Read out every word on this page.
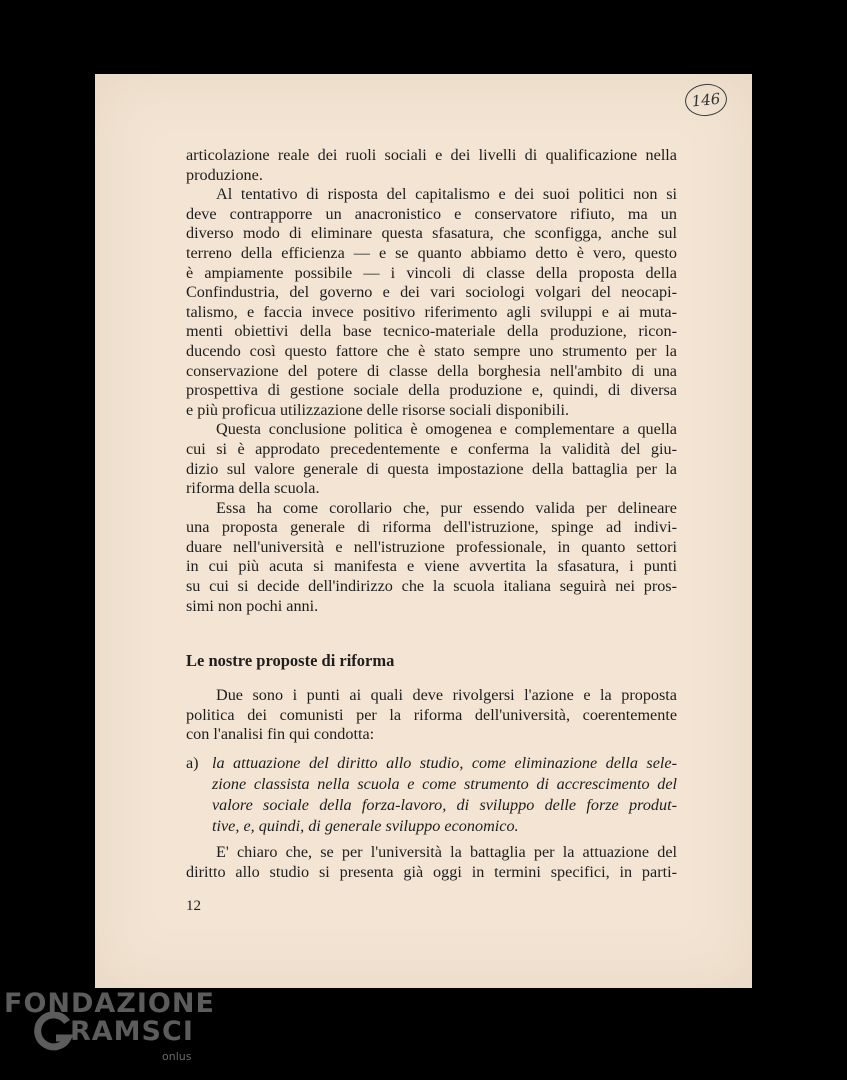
146

articolazione reale dei ruoli sociali e dei livelli di qualificazione nella
produzione.

Al tentativo di risposta del capitalismo e dei suoi politici non si
deve contrapporre un anacronistico e conservatore rifiuto, ma un
diverso modo di eliminare questa sfasatura, che sconfigga, anche sul
terreno della efficienza — e se quanto abbiamo detto è vero, questo
è ampiamente possibile — i vincoli di classe della proposta della
Confindustria, del governo e dei vari sociologi volgari del neocapi-
talismo, e faccia invece positivo riferimento agli sviluppi e ai muta-
menti obiettivi della base tecnico-materiale della produzione, ricon-
ducendo così questo fattore che è stato sempre uno strumento per la
conservazione del potere di classe della borghesia nell'ambito di una
prospettiva di gestione sociale della produzione e, quindi, di diversa
e più proficua utilizzazione delle risorse sociali disponibili.

Questa conclusione politica è omogenea e complementare a quella
cui si è approdato precedentemente e conferma la validità del giu-
dizio sul valore generale di questa impostazione della battaglia per la
riforma della scuola.

Essa ha come corollario che, pur essendo valida per delineare
una proposta generale di riforma dell'istruzione, spinge ad indivi-
duare nell'università e nell'istruzione professionale, in quanto settori
in cui più acuta si manifesta e viene avvertita la sfasatura, i punti
su cui si decide dell'indirizzo che la scuola italiana seguirà nei pros-
simi non pochi anni.

Le nostre proposte di riforma

Due sono i punti ai quali deve rivolgersi l'azione e la proposta
politica dei comunisti per la riforma dell'università, coerentemente
con l'analisi fin qui condotta:

a) la attuazione del diritto allo studio, come eliminazione della sele-
zione classista nella scuola e come strumento di accrescimento del
valore sociale della forza-lavoro, di sviluppo delle forze produt-
tive, e, quindi, di generale sviluppo economico.

E' chiaro che, se per l'università la battaglia per la attuazione del
diritto allo studio si presenta già oggi in termini specifici, in parti-

12
FONDAZIONE
RAMSCI
onlus
